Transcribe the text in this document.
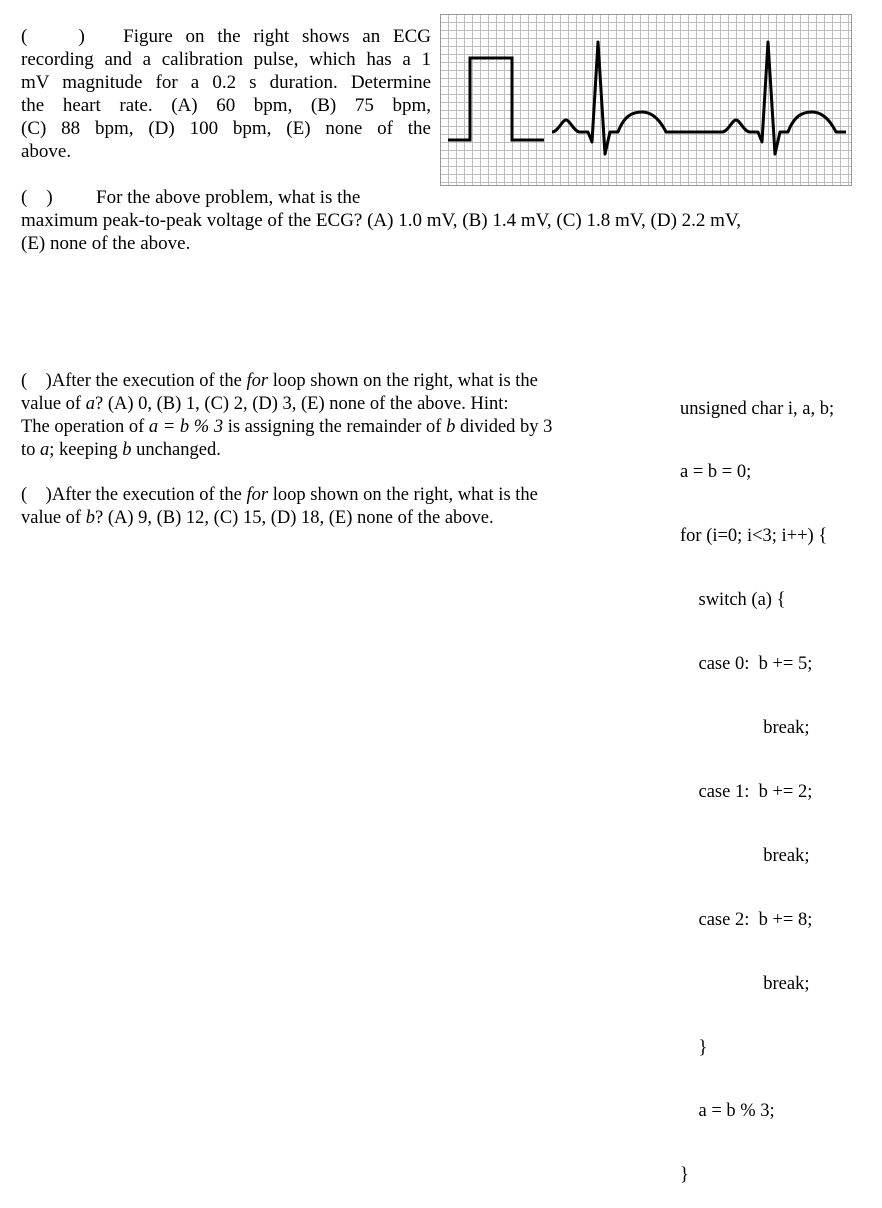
(    ) Figure on the right shows an ECG
recording and a calibration pulse, which has a 1
mV magnitude for a 0.2 s duration. Determine
the heart rate. (A) 60 bpm, (B) 75 bpm,
(C) 88 bpm, (D) 100 bpm, (E) none of the
above.
(    ) For the above problem, what is the
maximum peak-to-peak voltage of the ECG? (A) 1.0 mV, (B) 1.4 mV, (C) 1.8 mV, (D) 2.2 mV,
(E) none of the above.
(    )After the execution of the for loop shown on the right, what is the
value of a? (A) 0, (B) 1, (C) 2, (D) 3, (E) none of the above. Hint:
The operation of a = b % 3 is assigning the remainder of b divided by 3
to a; keeping b unchanged.
(    )After the execution of the for loop shown on the right, what is the
value of b? (A) 9, (B) 12, (C) 15, (D) 18, (E) none of the above.

unsigned char i, a, b;

a = b = 0;

for (i=0; i<3; i++) {

switch (a) {

case 0:  b += 5;

break;

case 1:  b += 2;

break;

case 2:  b += 8;

break;

}

a = b % 3;

}
